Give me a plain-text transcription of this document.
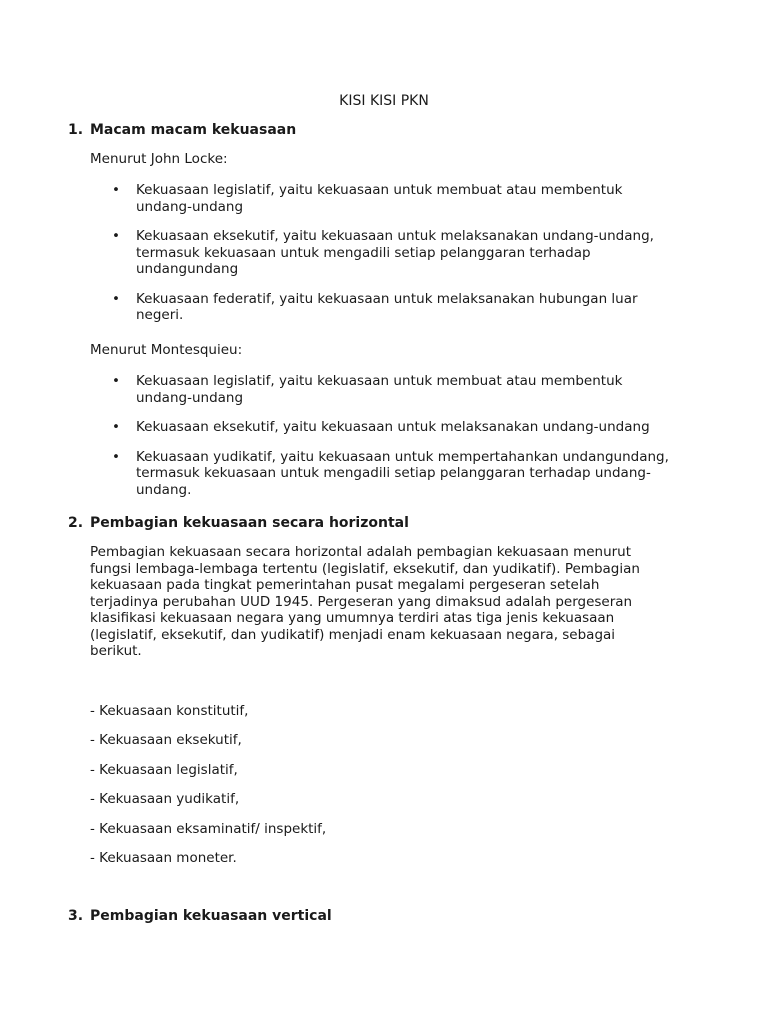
KISI KISI PKN
1. Macam macam kekuasaan
Menurut John Locke:
• Kekuasaan legislatif, yaitu kekuasaan untuk membuat atau membentuk undang-undang
• Kekuasaan eksekutif, yaitu kekuasaan untuk melaksanakan undang-undang, termasuk kekuasaan untuk mengadili setiap pelanggaran terhadap undangundang
• Kekuasaan federatif, yaitu kekuasaan untuk melaksanakan hubungan luar negeri.
Menurut Montesquieu:
• Kekuasaan legislatif, yaitu kekuasaan untuk membuat atau membentuk undang-undang
• Kekuasaan eksekutif, yaitu kekuasaan untuk melaksanakan undang-undang
• Kekuasaan yudikatif, yaitu kekuasaan untuk mempertahankan undangundang, termasuk kekuasaan untuk mengadili setiap pelanggaran terhadap undang-undang.
2. Pembagian kekuasaan secara horizontal
Pembagian kekuasaan secara horizontal adalah pembagian kekuasaan menurut fungsi lembaga-lembaga tertentu (legislatif, eksekutif, dan yudikatif). Pembagian kekuasaan pada tingkat pemerintahan pusat megalami pergeseran setelah terjadinya perubahan UUD 1945. Pergeseran yang dimaksud adalah pergeseran klasifikasi kekuasaan negara yang umumnya terdiri atas tiga jenis kekuasaan (legislatif, eksekutif, dan yudikatif) menjadi enam kekuasaan negara, sebagai berikut.
- Kekuasaan konstitutif,
- Kekuasaan eksekutif,
- Kekuasaan legislatif,
- Kekuasaan yudikatif,
- Kekuasaan eksaminatif/ inspektif,
- Kekuasaan moneter.
3. Pembagian kekuasaan vertical
